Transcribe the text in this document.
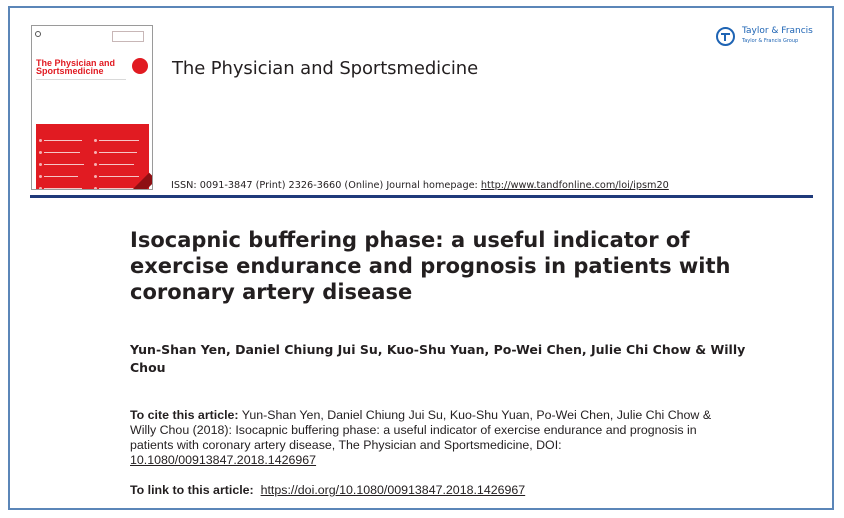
The Physician and Sportsmedicine	The Physician and Sportsmedicine
ISSN: 0091-3847 (Print) 2326-3660 (Online) Journal homepage: http://www.tandfonline.com/loi/ipsm20
Taylor & Francis
Taylor & Francis Group
Isocapnic buffering phase: a useful indicator of exercise endurance and prognosis in patients with coronary artery disease
Yun-Shan Yen, Daniel Chiung Jui Su, Kuo-Shu Yuan, Po-Wei Chen, Julie Chi Chow & Willy Chou
To cite this article: Yun-Shan Yen, Daniel Chiung Jui Su, Kuo-Shu Yuan, Po-Wei Chen, Julie Chi Chow & Willy Chou (2018): Isocapnic buffering phase: a useful indicator of exercise endurance and prognosis in patients with coronary artery disease, The Physician and Sportsmedicine, DOI: 10.1080/00913847.2018.1426967
To link to this article: https://doi.org/10.1080/00913847.2018.1426967
